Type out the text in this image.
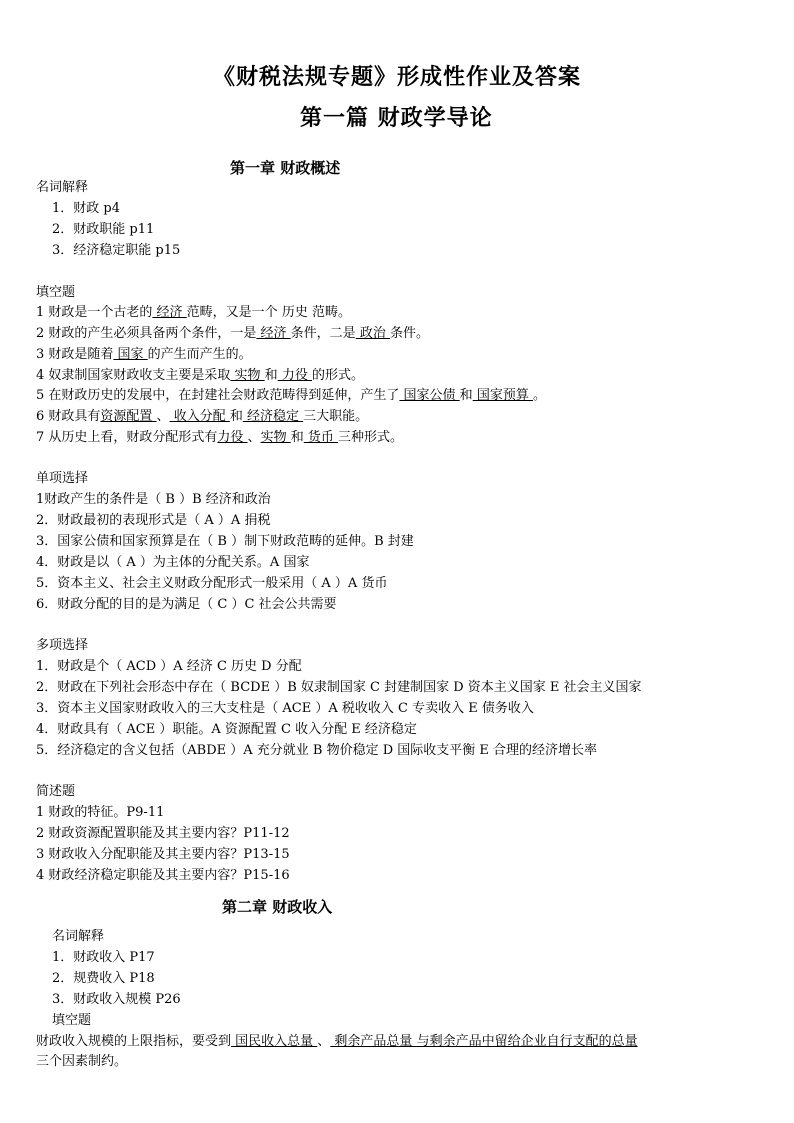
《财税法规专题》形成性作业及答案
第一篇 财政学导论
第一章 财政概述
名词解释
1．财政 p4
2．财政职能 p11
3．经济稳定职能 p15
填空题
1 财政是一个古老的 经济 范畴，又是一个 历史 范畴。
2 财政的产生必须具备两个条件，一是 经济 条件，二是 政治 条件。
3 财政是随着 国家 的产生而产生的。
4 奴隶制国家财政收支主要是采取 实物 和 力役 的形式。
5 在财政历史的发展中，在封建社会财政范畴得到延伸，产生了 国家公债 和 国家预算 。
6 财政具有资源配置 、 收入分配 和 经济稳定 三大职能。
7 从历史上看，财政分配形式有力役 、实物 和 货币 三种形式。
单项选择
1财政产生的条件是（ B ）B 经济和政治
2．财政最初的表现形式是（ A ）A 捐税
3．国家公债和国家预算是在（ B ）制下财政范畴的延伸。B 封建
4．财政是以（ A ）为主体的分配关系。A 国家
5．资本主义、社会主义财政分配形式一般采用（ A ）A 货币
6．财政分配的目的是为满足（ C ）C 社会公共需要
多项选择
1．财政是个（ ACD ）A 经济 C 历史 D 分配
2．财政在下列社会形态中存在（ BCDE ）B 奴隶制国家 C 封建制国家 D 资本主义国家 E 社会主义国家
3．资本主义国家财政收入的三大支柱是（ ACE ）A 税收收入 C 专卖收入 E 债务收入
4．财政具有（ ACE ）职能。A 资源配置 C 收入分配 E 经济稳定
5．经济稳定的含义包括（ABDE ）A 充分就业 B 物价稳定 D 国际收支平衡 E 合理的经济增长率
简述题
1 财政的特征。P9-11
2 财政资源配置职能及其主要内容？P11-12
3 财政收入分配职能及其主要内容？P13-15
4 财政经济稳定职能及其主要内容？P15-16
第二章 财政收入
名词解释
1．财政收入 P17
2．规费收入 P18
3．财政收入规模 P26
填空题
财政收入规模的上限指标，要受到 国民收入总量 、 剩余产品总量 与剩余产品中留给企业自行支配的总量
三个因素制约。
